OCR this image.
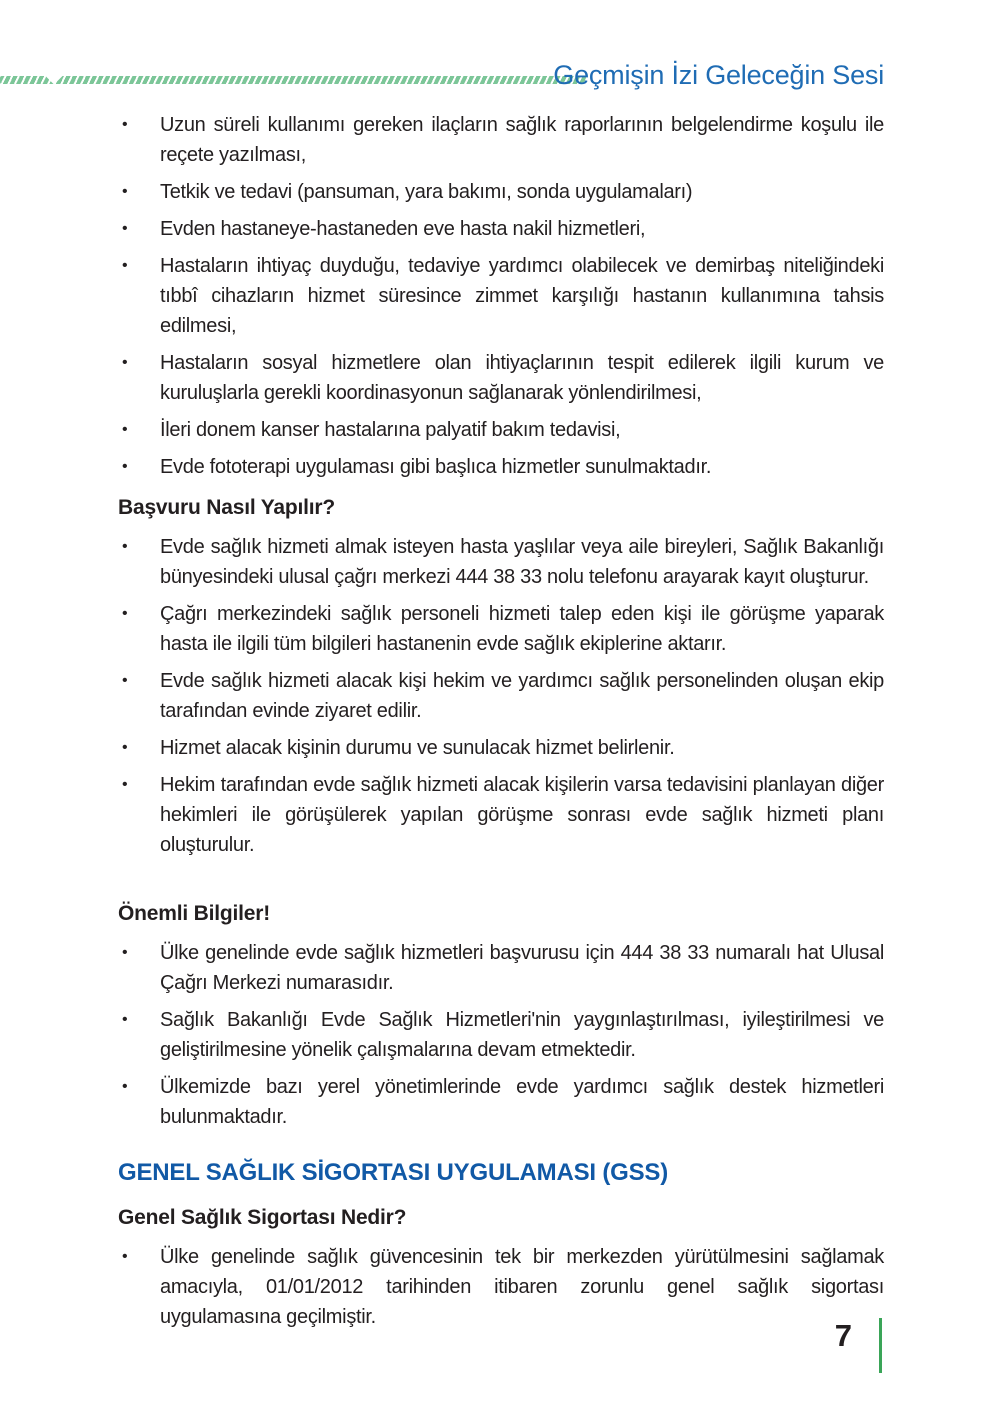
Geçmişin İzi Geleceğin Sesi
•	Uzun süreli kullanımı gereken ilaçların sağlık raporlarının belgelendirme koşulu ile reçete yazılması,

•	Tetkik ve tedavi (pansuman, yara bakımı, sonda uygulamaları)

•	Evden hastaneye-hastaneden eve hasta nakil hizmetleri,

•	Hastaların ihtiyaç duyduğu, tedaviye yardımcı olabilecek ve demirbaş niteliğindeki tıbbî cihazların hizmet süresince zimmet karşılığı hastanın kullanımına tahsis edilmesi,

•	Hastaların sosyal hizmetlere olan ihtiyaçlarının tespit edilerek ilgili kurum ve kuruluşlarla gerekli koordinasyonun sağlanarak yönlendirilmesi,

•	İleri donem kanser hastalarına palyatif bakım tedavisi,

•	Evde fototerapi uygulaması gibi başlıca hizmetler sunulmaktadır.

Başvuru Nasıl Yapılır?
•	Evde sağlık hizmeti almak isteyen hasta yaşlılar veya aile bireyleri, Sağlık Bakanlığı bünyesindeki ulusal çağrı merkezi 444 38 33 nolu telefonu arayarak kayıt oluşturur.

•	Çağrı merkezindeki sağlık personeli hizmeti talep eden kişi ile görüşme yaparak hasta ile ilgili tüm bilgileri hastanenin evde sağlık ekiplerine aktarır.

•	Evde sağlık hizmeti alacak kişi hekim ve yardımcı sağlık personelinden oluşan ekip tarafından evinde ziyaret edilir.

•	Hizmet alacak kişinin durumu ve sunulacak hizmet belirlenir.

•	Hekim tarafından evde sağlık hizmeti alacak kişilerin varsa tedavisini planlayan diğer hekimleri ile görüşülerek yapılan görüşme sonrası evde sağlık hizmeti planı oluşturulur.

Önemli Bilgiler!
•	Ülke genelinde evde sağlık hizmetleri başvurusu için 444 38 33 numaralı hat Ulusal Çağrı Merkezi numarasıdır.

•	Sağlık Bakanlığı Evde Sağlık Hizmetleri'nin yaygınlaştırılması, iyileştirilmesi ve geliştirilmesine yönelik çalışmalarına devam etmektedir.

•	Ülkemizde bazı yerel yönetimlerinde evde yardımcı sağlık destek hizmetleri bulunmaktadır.

GENEL SAĞLIK SİGORTASI UYGULAMASI (GSS)
Genel Sağlık Sigortası Nedir?
•	Ülke genelinde sağlık güvencesinin tek bir merkezden yürütülmesini sağlamak amacıyla, 01/01/2012 tarihinden itibaren zorunlu genel sağlık sigortası uygulamasına geçilmiştir.

7
